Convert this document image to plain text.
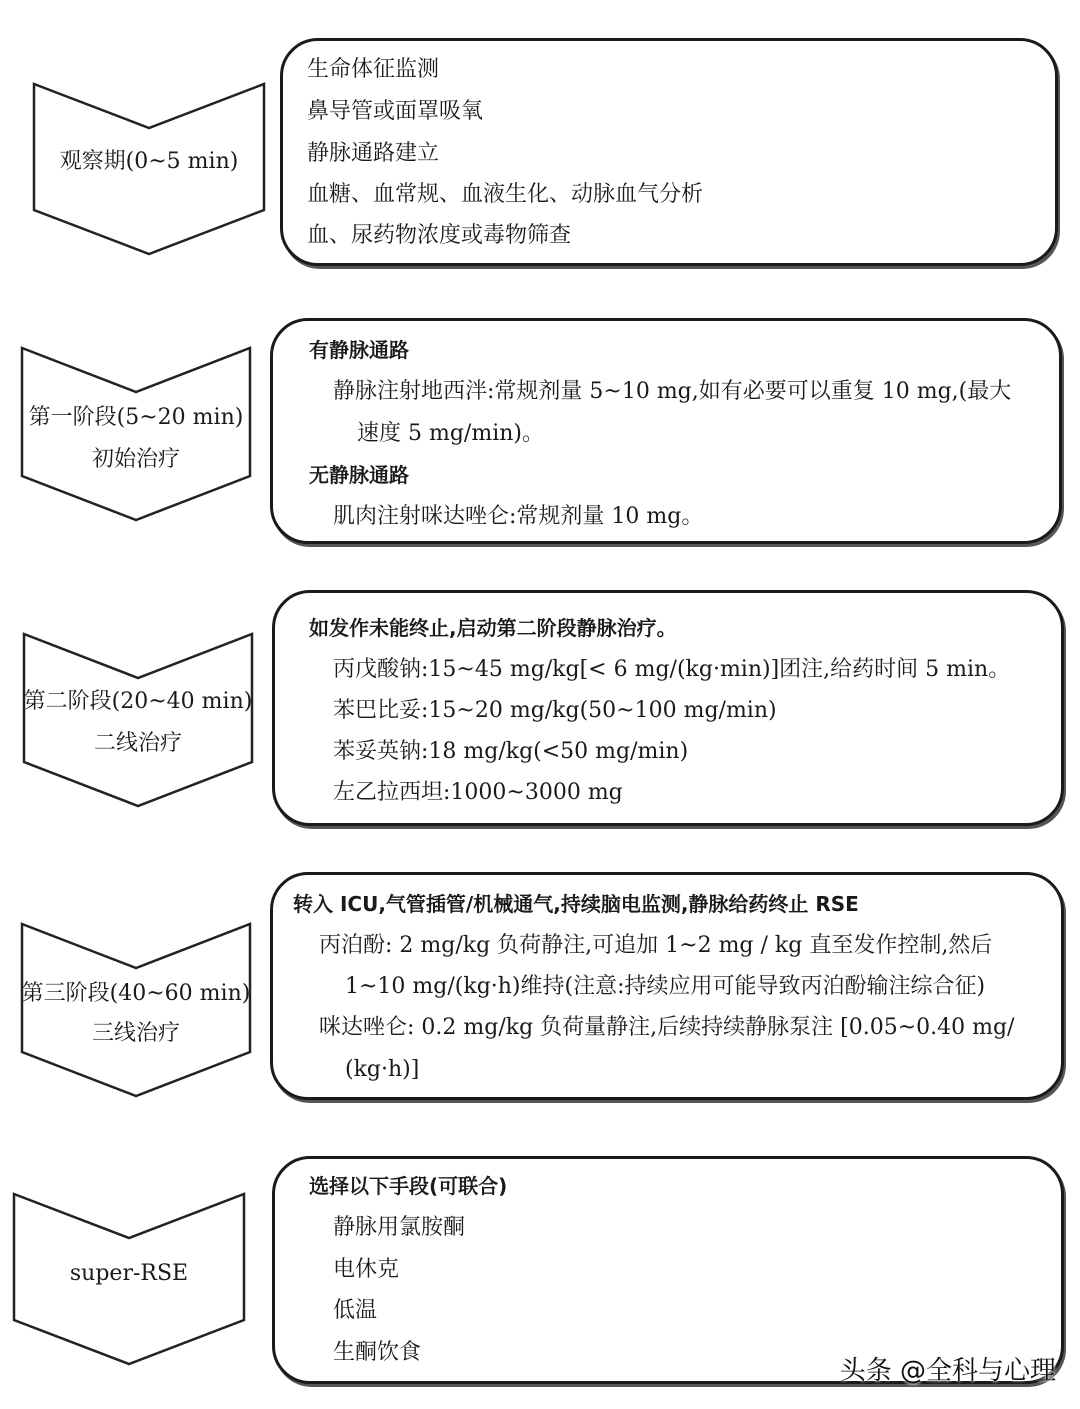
观察期(0~5 min)
生命体征监测
鼻导管或面罩吸氧
静脉通路建立
血糖、血常规、血液生化、动脉血气分析
血、尿药物浓度或毒物筛查
第一阶段(5~20 min)
初始治疗
有静脉通路
静脉注射地西泮:常规剂量 5~10 mg,如有必要可以重复 10 mg,(最大
速度 5 mg/min)。
无静脉通路
肌肉注射咪达唑仑:常规剂量 10 mg。
第二阶段(20~40 min)
二线治疗
如发作未能终止,启动第二阶段静脉治疗。
丙戊酸钠:15~45 mg/kg[< 6 mg/(kg·min)]团注,给药时间 5 min。
苯巴比妥:15~20 mg/kg(50~100 mg/min)
苯妥英钠:18 mg/kg(<50 mg/min)
左乙拉西坦:1000~3000 mg
第三阶段(40~60 min)
三线治疗
转入 ICU,气管插管/机械通气,持续脑电监测,静脉给药终止 RSE
丙泊酚: 2 mg/kg 负荷静注,可追加 1~2 mg / kg 直至发作控制,然后
1~10 mg/(kg·h)维持(注意:持续应用可能导致丙泊酚输注综合征)
咪达唑仑: 0.2 mg/kg 负荷量静注,后续持续静脉泵注 [0.05~0.40 mg/
(kg·h)]
super-RSE
选择以下手段(可联合)
静脉用氯胺酮
电休克
低温
生酮饮食
头条 @全科与心理
